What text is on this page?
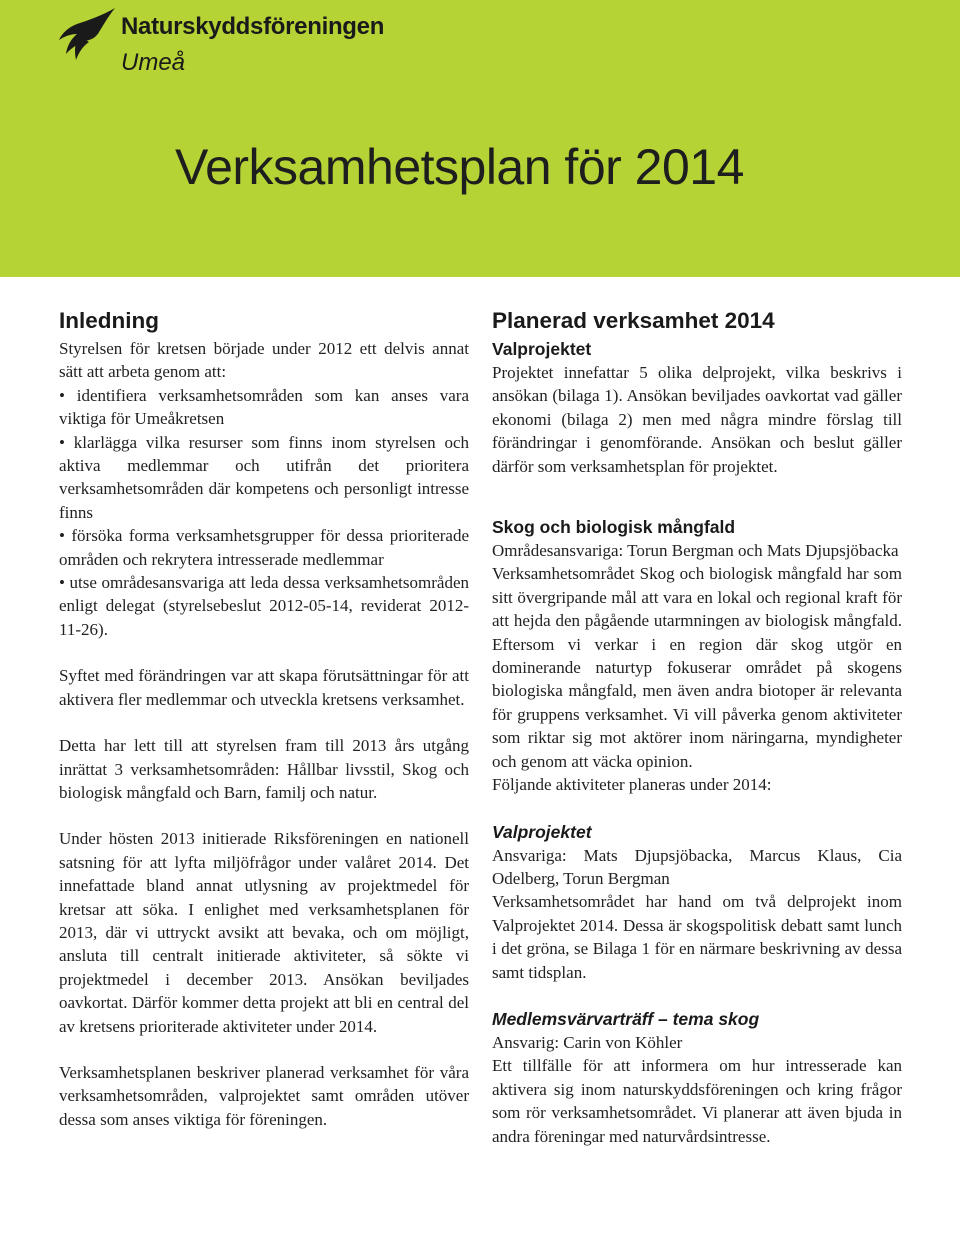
Naturskyddsföreningen
Umeå
Verksamhetsplan för 2014

Inledning

Styrelsen för kretsen började under 2012 ett delvis annat sätt att arbeta genom att:

• identifiera verksamhetsområden som kan anses vara viktiga för Umeåkretsen

• klarlägga vilka resurser som finns inom styrelsen och aktiva medlemmar och utifrån det prioritera verksamhetsområden där kompetens och personligt intresse finns

• försöka forma verksamhetsgrupper för dessa prioriterade områden och rekrytera intresserade medlemmar

• utse områdesansvariga att leda dessa verksamhetsområden enligt delegat (styrelsebeslut 2012-05-14, reviderat 2012-11-26).

Syftet med förändringen var att skapa förutsättningar för att aktivera fler medlemmar och utveckla kretsens verksamhet.

Detta har lett till att styrelsen fram till 2013 års utgång inrättat 3 verksamhetsområden: Hållbar livsstil, Skog och biologisk mångfald och Barn, familj och natur.

Under hösten 2013 initierade Riksföreningen en nationell satsning för att lyfta miljöfrågor under valåret 2014. Det innefattade bland annat utlysning av projektmedel för kretsar att söka. I enlighet med verksamhetsplanen för 2013, där vi uttryckt avsikt att bevaka, och om möjligt, ansluta till centralt initierade aktiviteter, så sökte vi projektmedel i december 2013. Ansökan beviljades oavkortat. Därför kommer detta projekt att bli en central del av kretsens prioriterade aktiviteter under 2014.

Verksamhetsplanen beskriver planerad verksamhet för våra verksamhetsområden, valprojektet samt områden utöver dessa som anses viktiga för föreningen.

Planerad verksamhet 2014

Valprojektet

Projektet innefattar 5 olika delprojekt, vilka beskrivs i ansökan (bilaga 1). Ansökan beviljades oavkortat vad gäller ekonomi (bilaga 2) men med några mindre förslag till förändringar i genomförande. Ansökan och beslut gäller därför som verksamhetsplan för projektet.

Skog och biologisk mångfald

Områdesansvariga: Torun Bergman och Mats Djupsjöbacka

Verksamhetsområdet Skog och biologisk mångfald har som sitt övergripande mål att vara en lokal och regional kraft för att hejda den pågående utarmningen av biologisk mångfald. Eftersom vi verkar i en region där skog utgör en dominerande naturtyp fokuserar området på skogens biologiska mångfald, men även andra biotoper är relevanta för gruppens verksamhet. Vi vill påverka genom aktiviteter som riktar sig mot aktörer inom näringarna, myndigheter och genom att väcka opinion.

Följande aktiviteter planeras under 2014:

Valprojektet

Ansvariga: Mats Djupsjöbacka, Marcus Klaus, Cia Odelberg, Torun Bergman

Verksamhetsområdet har hand om två delprojekt inom Valprojektet 2014. Dessa är skogspolitisk debatt samt lunch i det gröna, se Bilaga 1 för en närmare beskrivning av dessa samt tidsplan.

Medlemsvärvarträff – tema skog

Ansvarig: Carin von Köhler

Ett tillfälle för att informera om hur intresserade kan aktivera sig inom naturskyddsföreningen och kring frågor som rör verksamhetsområdet. Vi planerar att även bjuda in andra föreningar med naturvårdsintresse.
